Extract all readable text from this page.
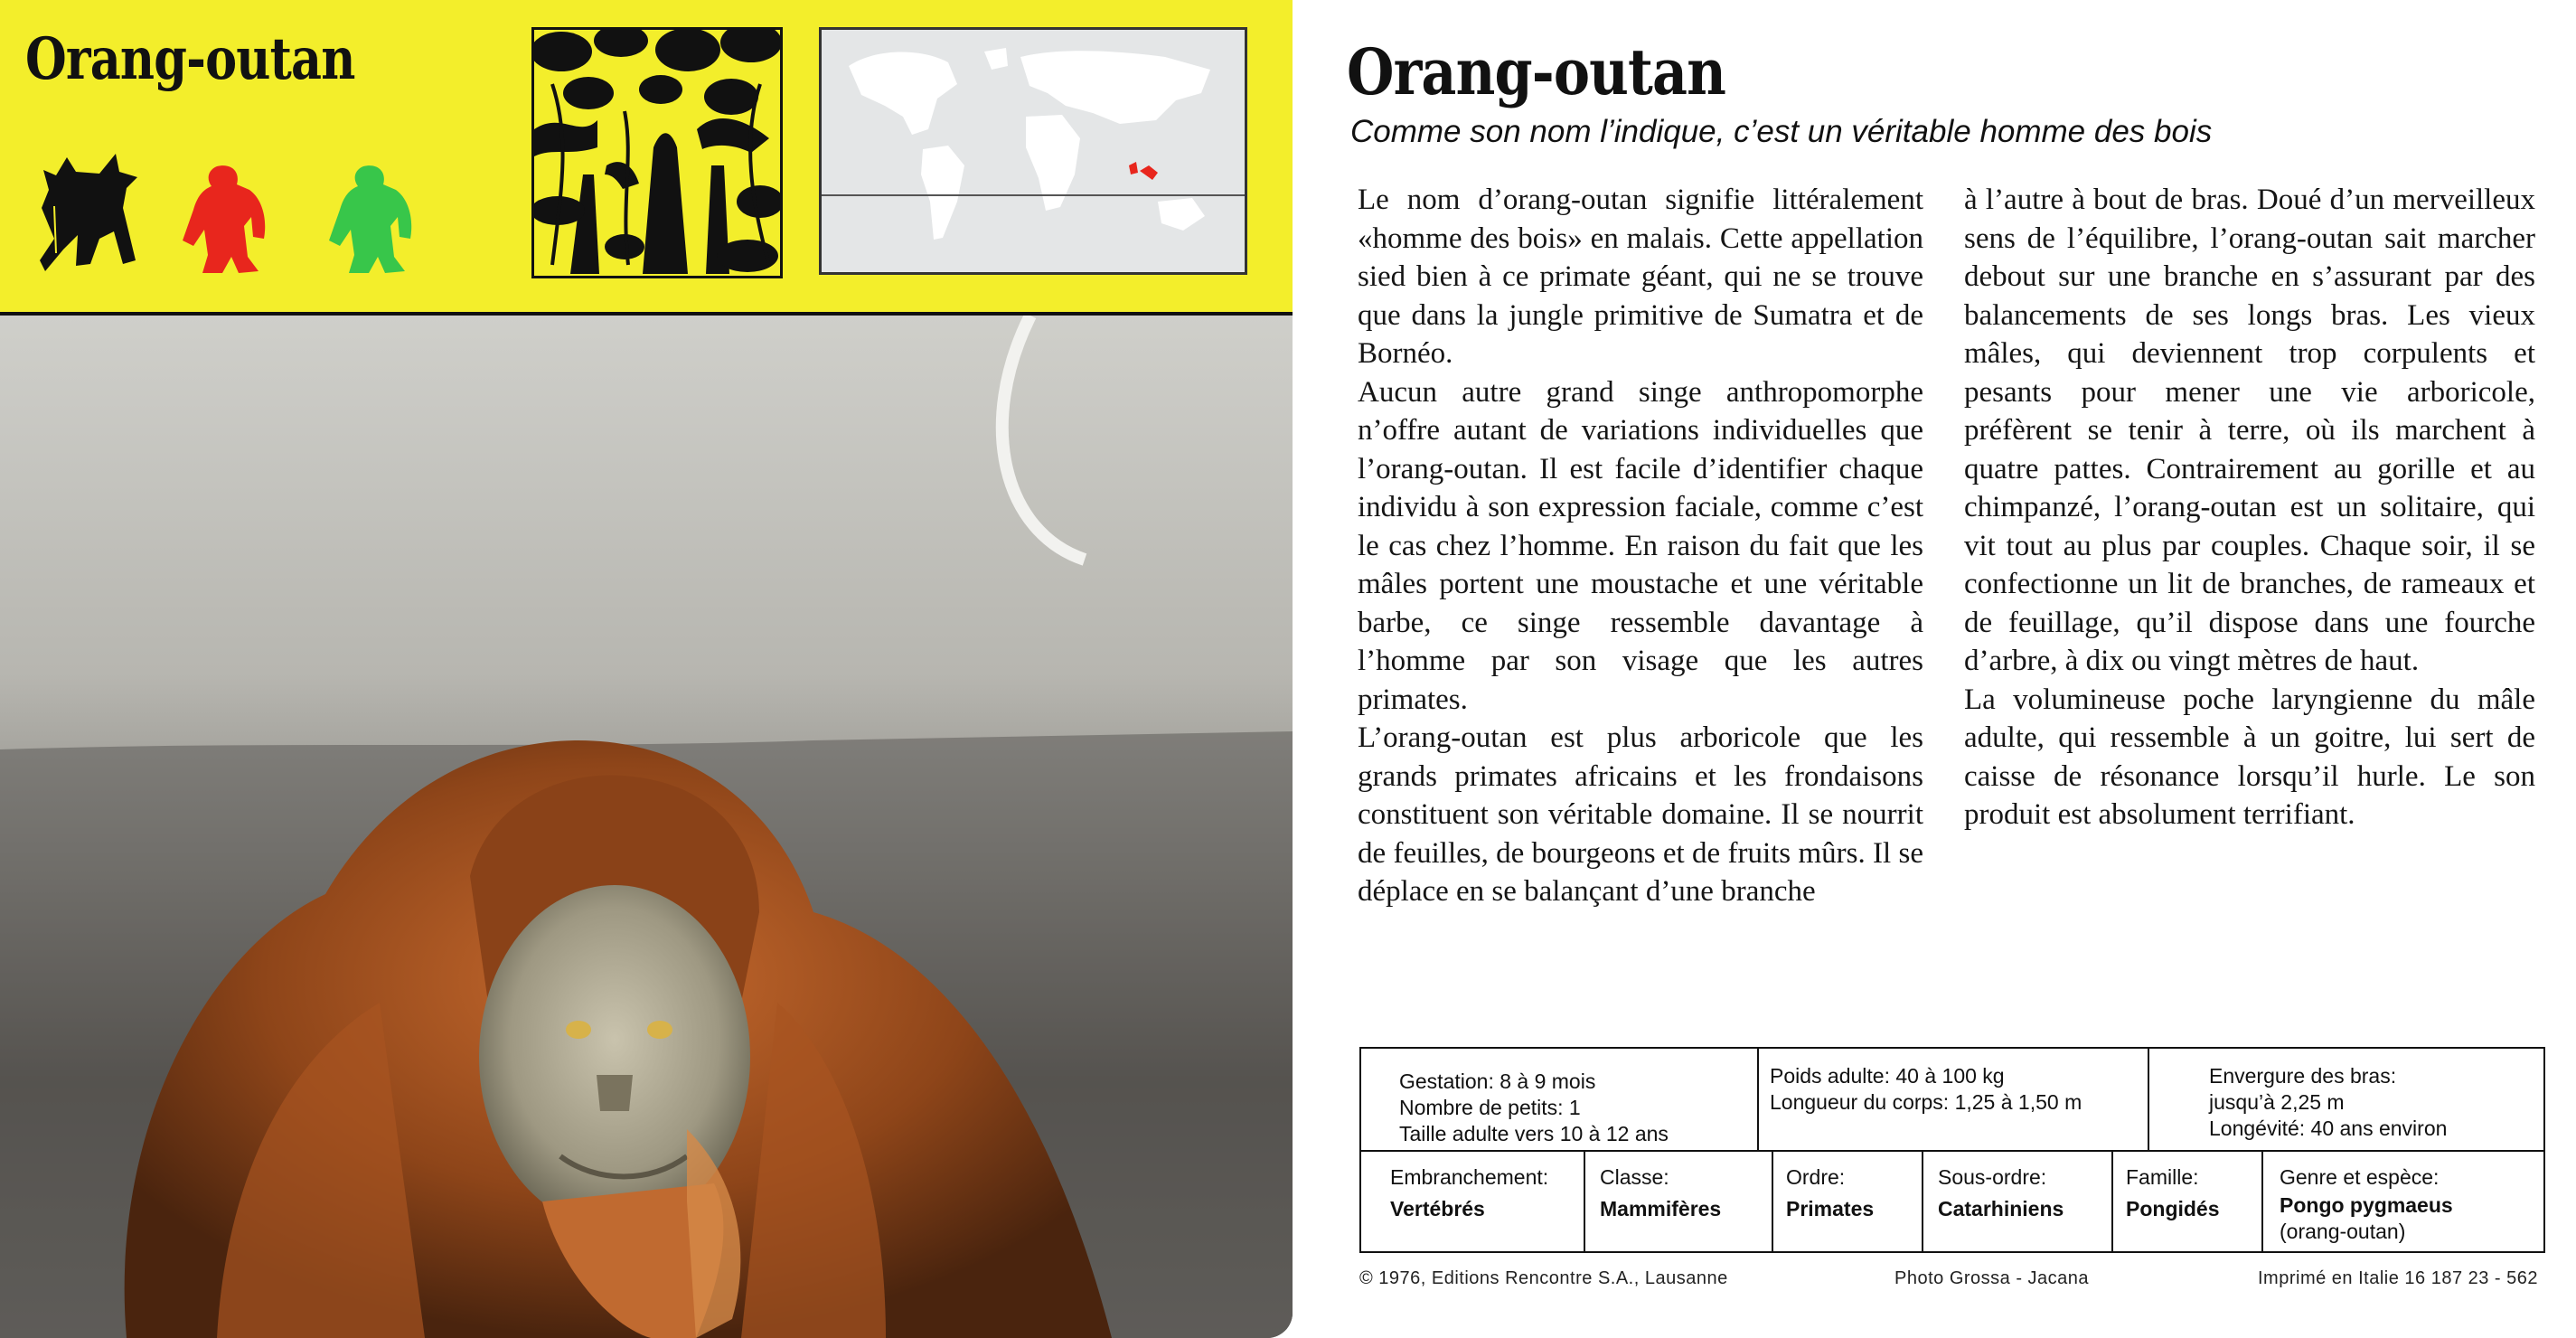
Orang-outan	Orang-outan
Comme son nom l’indique, c’est un véritable homme des bois

Le nom d’orang-outan signifie littéralement «homme des bois» en malais. Cette appellation sied bien à ce primate géant, qui ne se trouve que dans la jungle primitive de Sumatra et de Bornéo.

Aucun autre grand singe anthropomorphe n’offre autant de variations individuelles que l’orang-outan. Il est facile d’identifier chaque individu à son expression faciale, comme c’est le cas chez l’homme. En raison du fait que les mâles portent une moustache et une véritable barbe, ce singe ressemble davantage à l’homme par son visage que les autres primates.

L’orang-outan est plus arboricole que les grands primates africains et les frondaisons constituent son véritable domaine. Il se nourrit de feuilles, de bourgeons et de fruits mûrs. Il se déplace en se balançant d’une branche

à l’autre à bout de bras. Doué d’un merveilleux sens de l’équilibre, l’orang-outan sait marcher debout sur une branche en s’assurant par des balancements de ses longs bras. Les vieux mâles, qui deviennent trop corpulents et pesants pour mener une vie arboricole, préfèrent se tenir à terre, où ils marchent à quatre pattes. Contrairement au gorille et au chimpanzé, l’orang-outan est un solitaire, qui vit tout au plus par couples. Chaque soir, il se confectionne un lit de branches, de rameaux et de feuillage, qu’il dispose dans une fourche d’arbre, à dix ou vingt mètres de haut.

La volumineuse poche laryngienne du mâle adulte, qui ressemble à un goitre, lui sert de caisse de résonance lorsqu’il hurle. Le son produit est absolument terrifiant.

Gestation: 8 à 9 mois
Nombre de petits: 1
Taille adulte vers 10 à 12 ans
Poids adulte: 40 à 100 kg
Longueur du corps: 1,25 à 1,50 m
Envergure des bras:
jusqu’à 2,25 m
Longévité: 40 ans environ
Embranchement:
Vertébrés
Classe:
Mammifères
Ordre:
Primates
Sous-ordre:
Catarhiniens
Famille:
Pongidés
Genre et espèce:
Pongo pygmaeus
(orang-outan)
© 1976, Editions Rencontre S.A., Lausanne	Photo Grossa - Jacana	Imprimé en Italie 16 187 23 - 562
